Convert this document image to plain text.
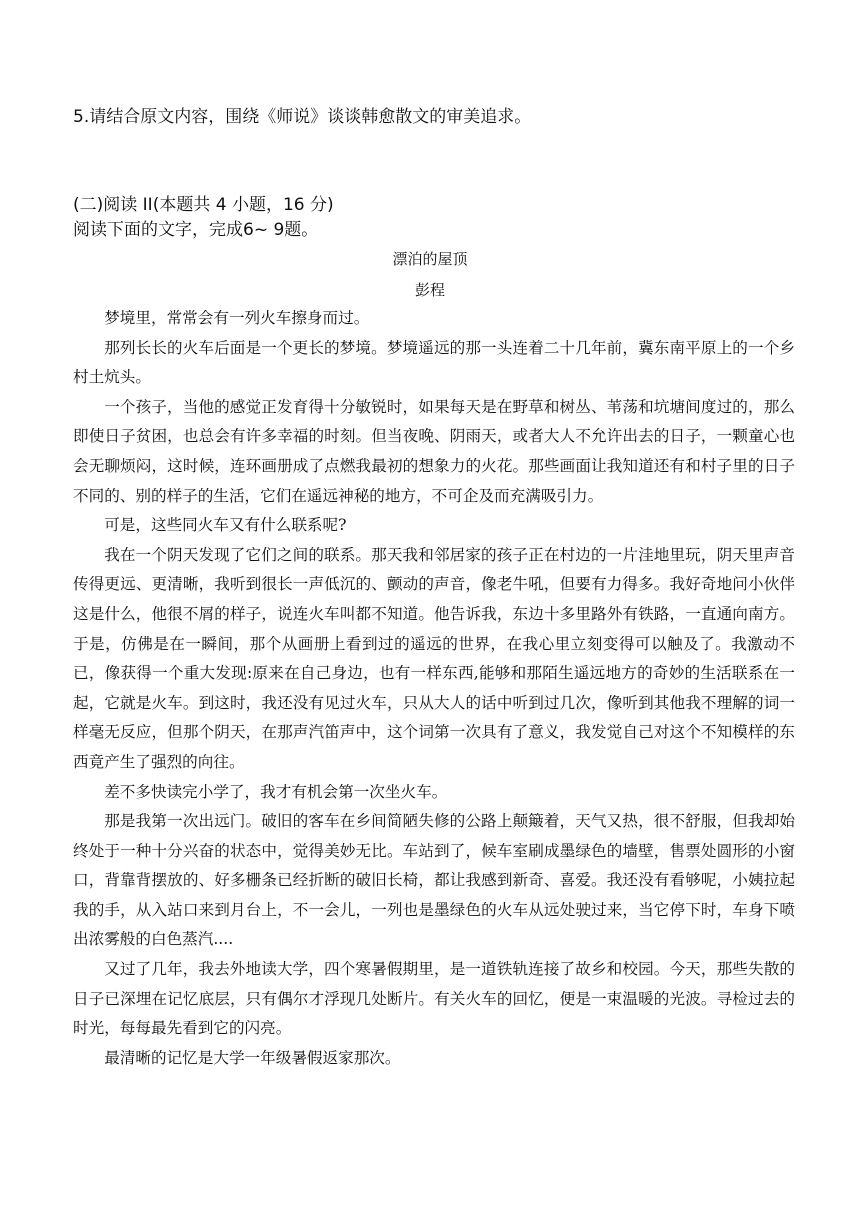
5.请结合原文内容，围绕《师说》谈谈韩愈散文的审美追求。
(二)阅读 II(本题共 4 小题，16 分)
阅读下面的文字，完成6~ 9题。
漂泊的屋顶
彭程

梦境里，常常会有一列火车擦身而过。

那列长长的火车后面是一个更长的梦境。梦境遥远的那一头连着二十几年前，冀东南平原上的一个乡村土炕头。

一个孩子，当他的感觉正发育得十分敏锐时，如果每天是在野草和树丛、苇荡和坑塘间度过的，那么即使日子贫困，也总会有许多幸福的时刻。但当夜晚、阴雨天，或者大人不允许出去的日子，一颗童心也会无聊烦闷，这时候，连环画册成了点燃我最初的想象力的火花。那些画面让我知道还有和村子里的日子不同的、别的样子的生活，它们在遥远神秘的地方，不可企及而充满吸引力。

可是，这些同火车又有什么联系呢?

我在一个阴天发现了它们之间的联系。那天我和邻居家的孩子正在村边的一片洼地里玩，阴天里声音传得更远、更清晰，我听到很长一声低沉的、颤动的声音，像老牛吼，但要有力得多。我好奇地问小伙伴这是什么，他很不屑的样子，说连火车叫都不知道。他告诉我，东边十多里路外有铁路，一直通向南方。于是，仿佛是在一瞬间，那个从画册上看到过的遥远的世界，在我心里立刻变得可以触及了。我激动不已，像获得一个重大发现:原来在自己身边，也有一样东西,能够和那陌生遥远地方的奇妙的生活联系在一起，它就是火车。到这时，我还没有见过火车，只从大人的话中听到过几次，像听到其他我不理解的词一样毫无反应，但那个阴天，在那声汽笛声中，这个词第一次具有了意义，我发觉自己对这个不知模样的东西竟产生了强烈的向往。

差不多快读完小学了，我才有机会第一次坐火车。

那是我第一次出远门。破旧的客车在乡间简陋失修的公路上颠簸着，天气又热，很不舒服，但我却始终处于一种十分兴奋的状态中，觉得美妙无比。车站到了，候车室刷成墨绿色的墙壁，售票处圆形的小窗口，背靠背摆放的、好多栅条已经折断的破旧长椅，都让我感到新奇、喜爱。我还没有看够呢，小姨拉起我的手，从入站口来到月台上，不一会儿，一列也是墨绿色的火车从远处驶过来，当它停下时，车身下喷出浓雾般的白色蒸汽....

又过了几年，我去外地读大学，四个寒暑假期里，是一道铁轨连接了故乡和校园。今天，那些失散的日子已深埋在记忆底层，只有偶尔才浮现几处断片。有关火车的回忆，便是一束温暖的光波。寻检过去的时光，每每最先看到它的闪亮。

最清晰的记忆是大学一年级暑假返家那次。
